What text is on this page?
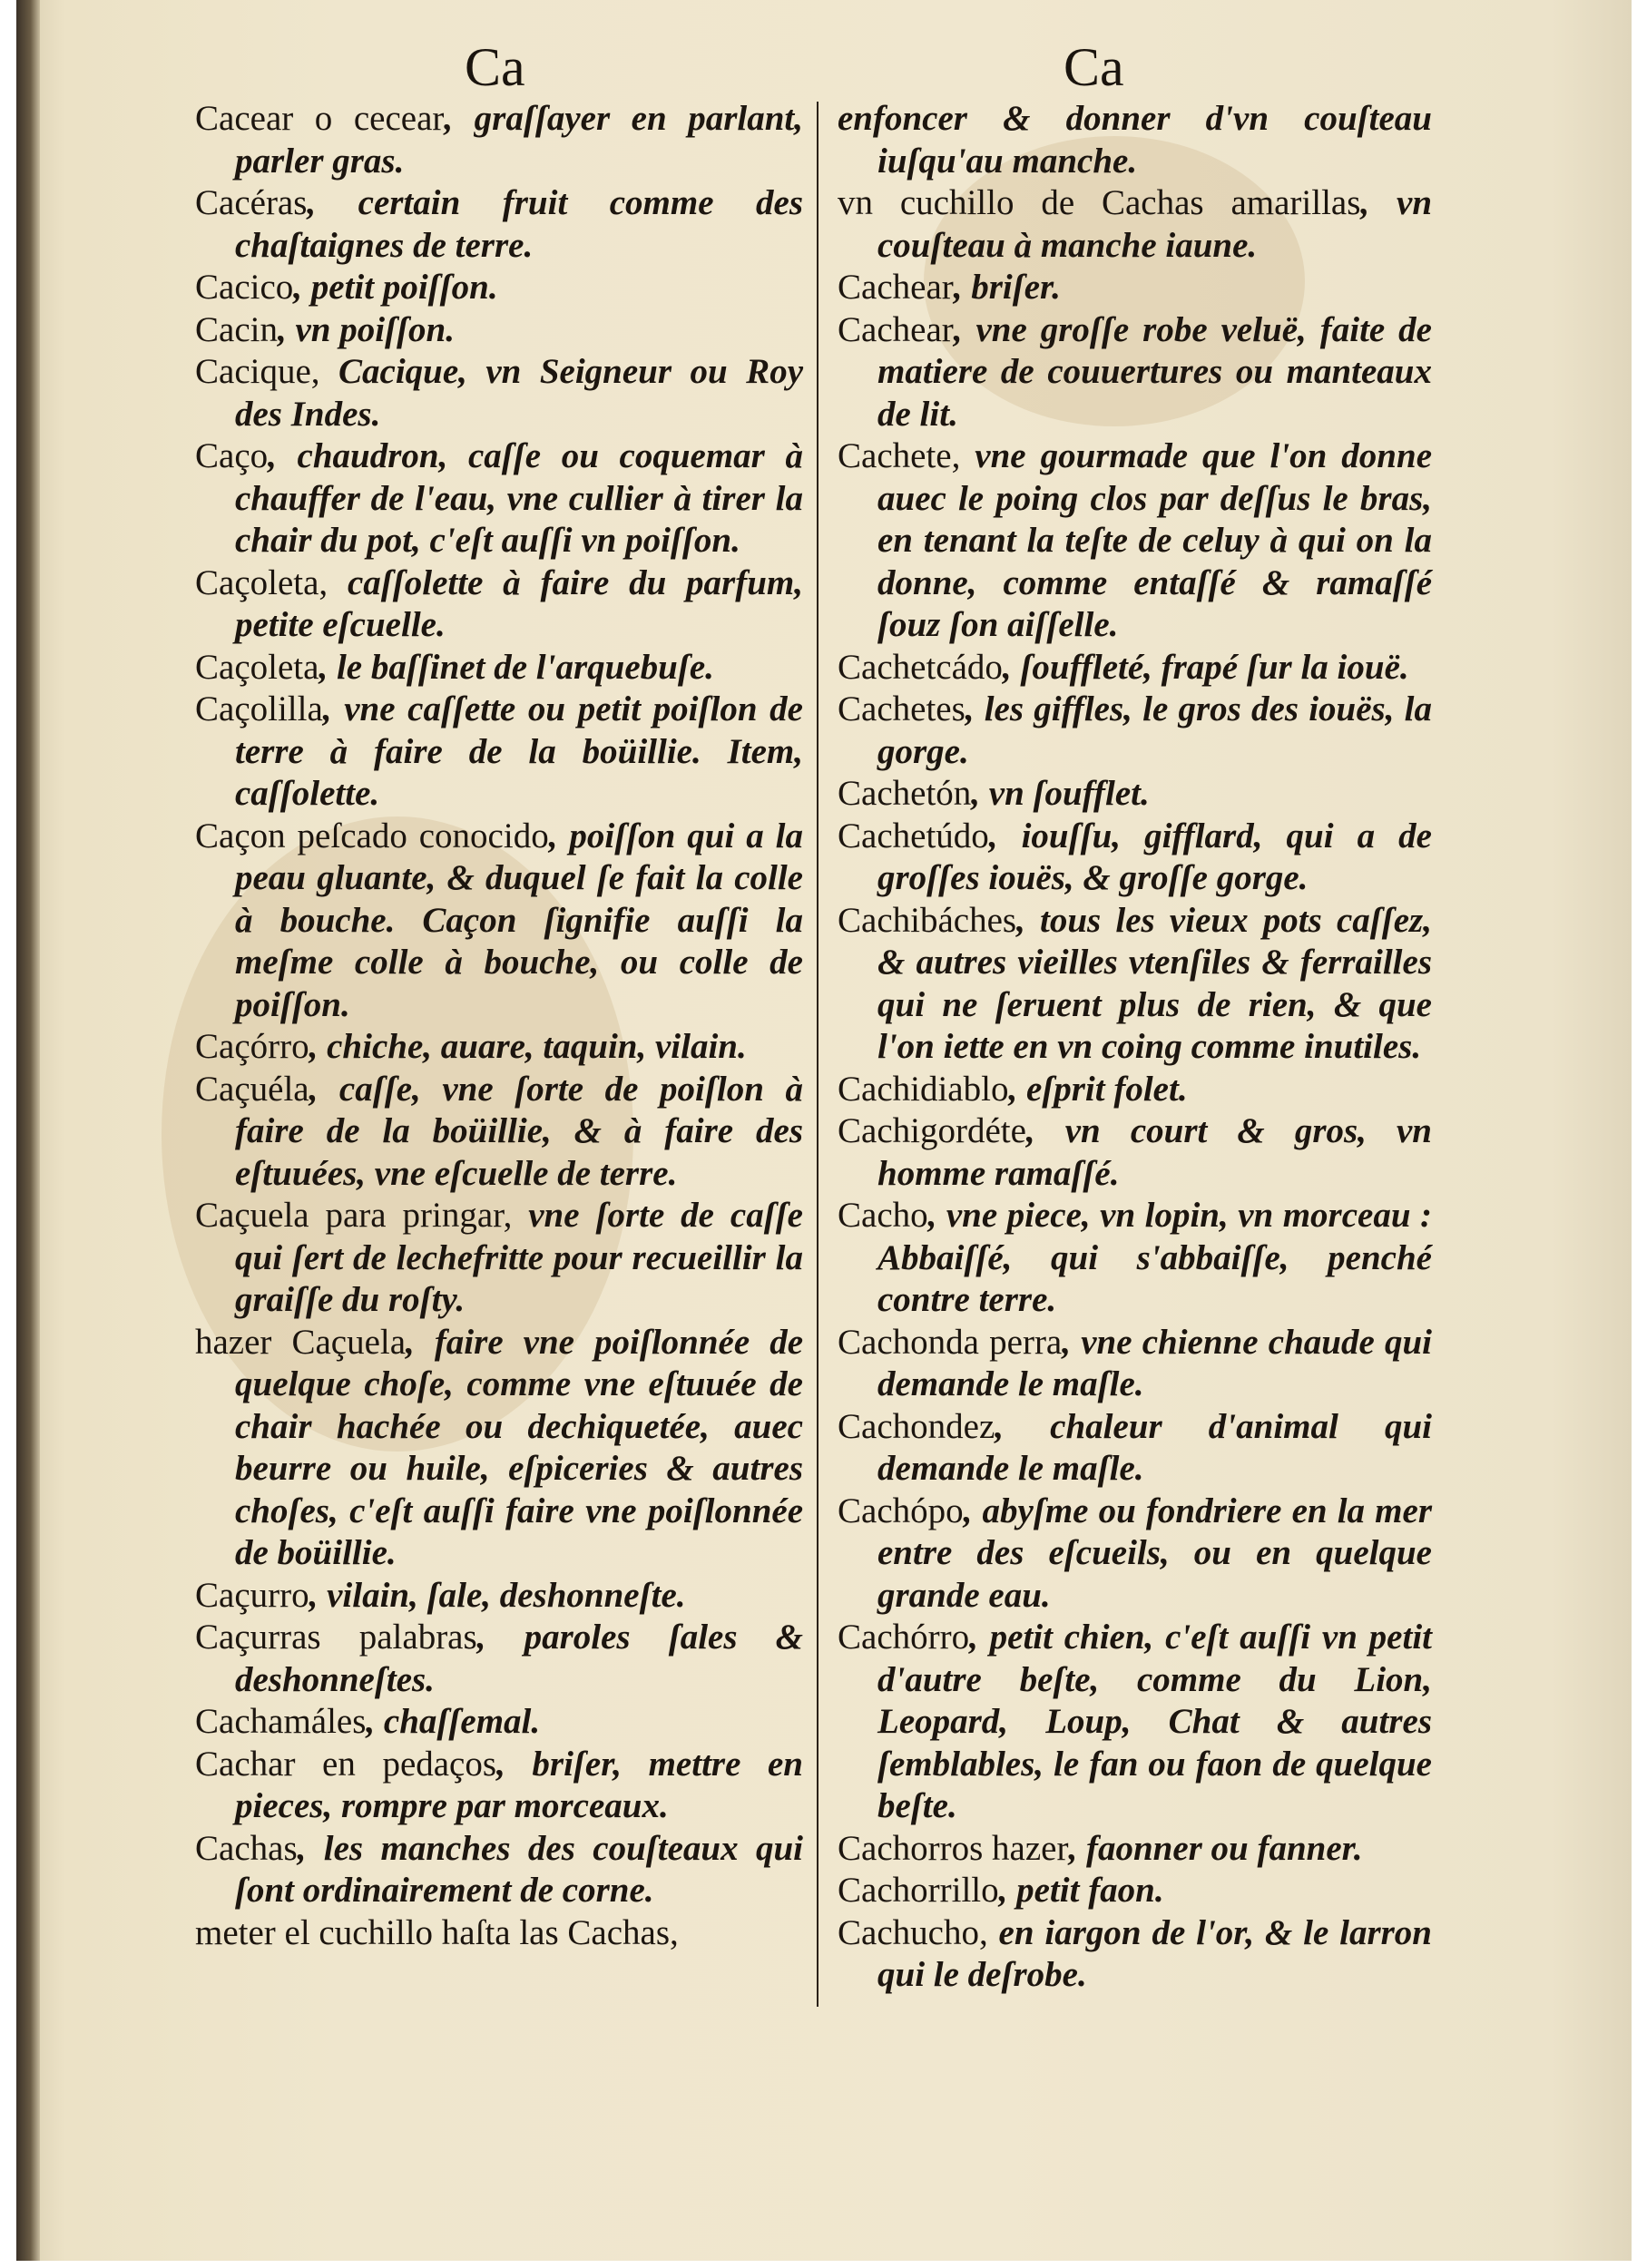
Ca	Ca

Cacear o cecear, graſſayer en parlant, parler gras.

Cacéras, certain fruit comme des chaſtaignes de terre.

Cacico, petit poiſſon.

Cacin, vn poiſſon.

Cacique, Cacique, vn Seigneur ou Roy des Indes.

Caço, chaudron, caſſe ou coquemar à chauffer de l'eau, vne cullier à tirer la chair du pot, c'eſt auſſi vn poiſſon.

Caçoleta, caſſolette à faire du parfum, petite eſcuelle.

Caçoleta, le baſſinet de l'arquebuſe.

Caçolilla, vne caſſette ou petit poiſlon de terre à faire de la boüillie. Item, caſſolette.

Caçon peſcado conocido, poiſſon qui a la peau gluante, & duquel ſe fait la colle à bouche. Caçon ſignifie auſſi la meſme colle à bouche, ou colle de poiſſon.

Caçórro, chiche, auare, taquin, vilain.

Caçuéla, caſſe, vne ſorte de poiſlon à faire de la boüillie, & à faire des eſtuuées, vne eſcuelle de terre.

Caçuela para pringar, vne ſorte de caſſe qui ſert de lechefritte pour recueillir la graiſſe du roſty.

hazer Caçuela, faire vne poiſlonnée de quelque choſe, comme vne eſtuuée de chair hachée ou dechiquetée, auec beurre ou huile, eſpiceries & autres choſes, c'eſt auſſi faire vne poiſlonnée de boüillie.

Caçurro, vilain, ſale, deshonneſte.

Caçurras palabras, paroles ſales & deshonneſtes.

Cachamáles, chaſſemal.

Cachar en pedaços, briſer, mettre en pieces, rompre par morceaux.

Cachas, les manches des couſteaux qui ſont ordinairement de corne.

meter el cuchillo haſta las Cachas,

enfoncer & donner d'vn couſteau iuſqu'au manche.

vn cuchillo de Cachas amarillas, vn couſteau à manche iaune.

Cachear, briſer.

Cachear, vne groſſe robe veluë, faite de matiere de couuertures ou manteaux de lit.

Cachete, vne gourmade que l'on donne auec le poing clos par deſſus le bras, en tenant la teſte de celuy à qui on la donne, comme entaſſé & ramaſſé ſouz ſon aiſſelle.

Cachetcádo, ſouffleté, frapé ſur la iouë.

Cachetes, les giffles, le gros des iouës, la gorge.

Cachetón, vn ſoufflet.

Cachetúdo, iouſſu, gifflard, qui a de groſſes iouës, & groſſe gorge.

Cachibáches, tous les vieux pots caſſez, & autres vieilles vtenſiles & ferrailles qui ne ſeruent plus de rien, & que l'on iette en vn coing comme inutiles.

Cachidiablo, eſprit folet.

Cachigordéte, vn court & gros, vn homme ramaſſé.

Cacho, vne piece, vn lopin, vn morceau : Abbaiſſé, qui s'abbaiſſe, penché contre terre.

Cachonda perra, vne chienne chaude qui demande le maſle.

Cachondez, chaleur d'animal qui demande le maſle.

Cachópo, abyſme ou fondriere en la mer entre des eſcueils, ou en quelque grande eau.

Cachórro, petit chien, c'eſt auſſi vn petit d'autre beſte, comme du Lion, Leopard, Loup, Chat & autres ſemblables, le fan ou faon de quelque beſte.

Cachorros hazer, faonner ou fanner.

Cachorrillo, petit faon.

Cachucho, en iargon de l'or, & le larron qui le deſrobe.
